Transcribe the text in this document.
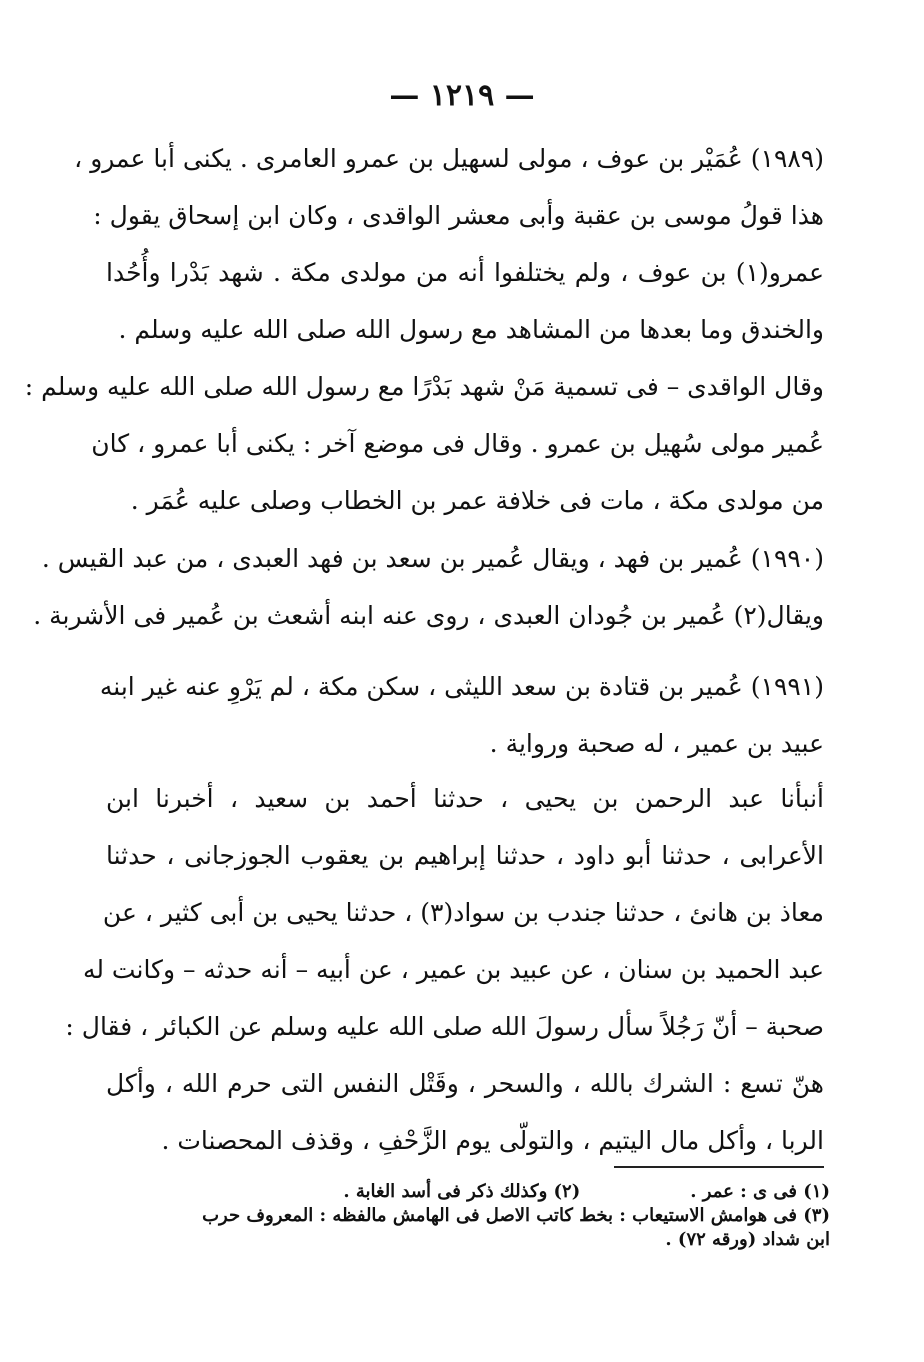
— ١٢١٩ —
(١٩٨٩) عُمَيْر بن عوف ، مولى لسهيل بن عمرو العامرى . يكنى أبا عمرو ،
هذا قولُ موسى بن عقبة وأبى معشر الواقدى ، وكان ابن إسحاق يقول :
عمرو(١) بن عوف ، ولم يختلفوا أنه من مولدى مكة . شهد بَدْرا وأُحُدا
والخندق وما بعدها من المشاهد مع رسول الله صلى الله عليه وسلم .
وقال الواقدى – فى تسمية مَنْ شهد بَدْرًا مع رسول الله صلى الله عليه وسلم :
عُمير مولى سُهيل بن عمرو . وقال فى موضع آخر : يكنى أبا عمرو ، كان
من مولدى مكة ، مات فى خلافة عمر بن الخطاب وصلى عليه عُمَر .
(١٩٩٠) عُمير بن فهد ، ويقال عُمير بن سعد بن فهد العبدى ، من عبد القيس .
ويقال(٢) عُمير بن جُودان العبدى ، روى عنه ابنه أشعث بن عُمير فى الأشربة .
(١٩٩١) عُمير بن قتادة بن سعد الليثى ، سكن مكة ، لم يَرْوِ عنه غير ابنه
عبيد بن عمير ، له صحبة ورواية .
أنبأنا عبد الرحمن بن يحيى ، حدثنا أحمد بن سعيد ، أخبرنا ابن
الأعرابى ، حدثنا أبو داود ، حدثنا إبراهيم بن يعقوب الجوزجانى ، حدثنا
معاذ بن هانئ ، حدثنا جندب بن سواد(٣) ، حدثنا يحيى بن أبى كثير ، عن
عبد الحميد بن سنان ، عن عبيد بن عمير ، عن أبيه – أنه حدثه – وكانت له
صحبة – أنّ رَجُلاً سأل رسولَ الله صلى الله عليه وسلم عن الكبائر ، فقال :
هنّ تسع : الشرك بالله ، والسحر ، وقَتْل النفس التى حرم الله ، وأكل
الربا ، وأكل مال اليتيم ، والتولّى يوم الزَّحْفِ ، وقذف المحصنات .
(١) فى ى : عمر .
(٢) وكذلك ذكر فى أسد الغابة .
(٣) فى هوامش الاستيعاب : بخط كاتب الاصل فى الهامش مالفظه : المعروف حرب
ابن شداد (ورقه ٧٢) .
